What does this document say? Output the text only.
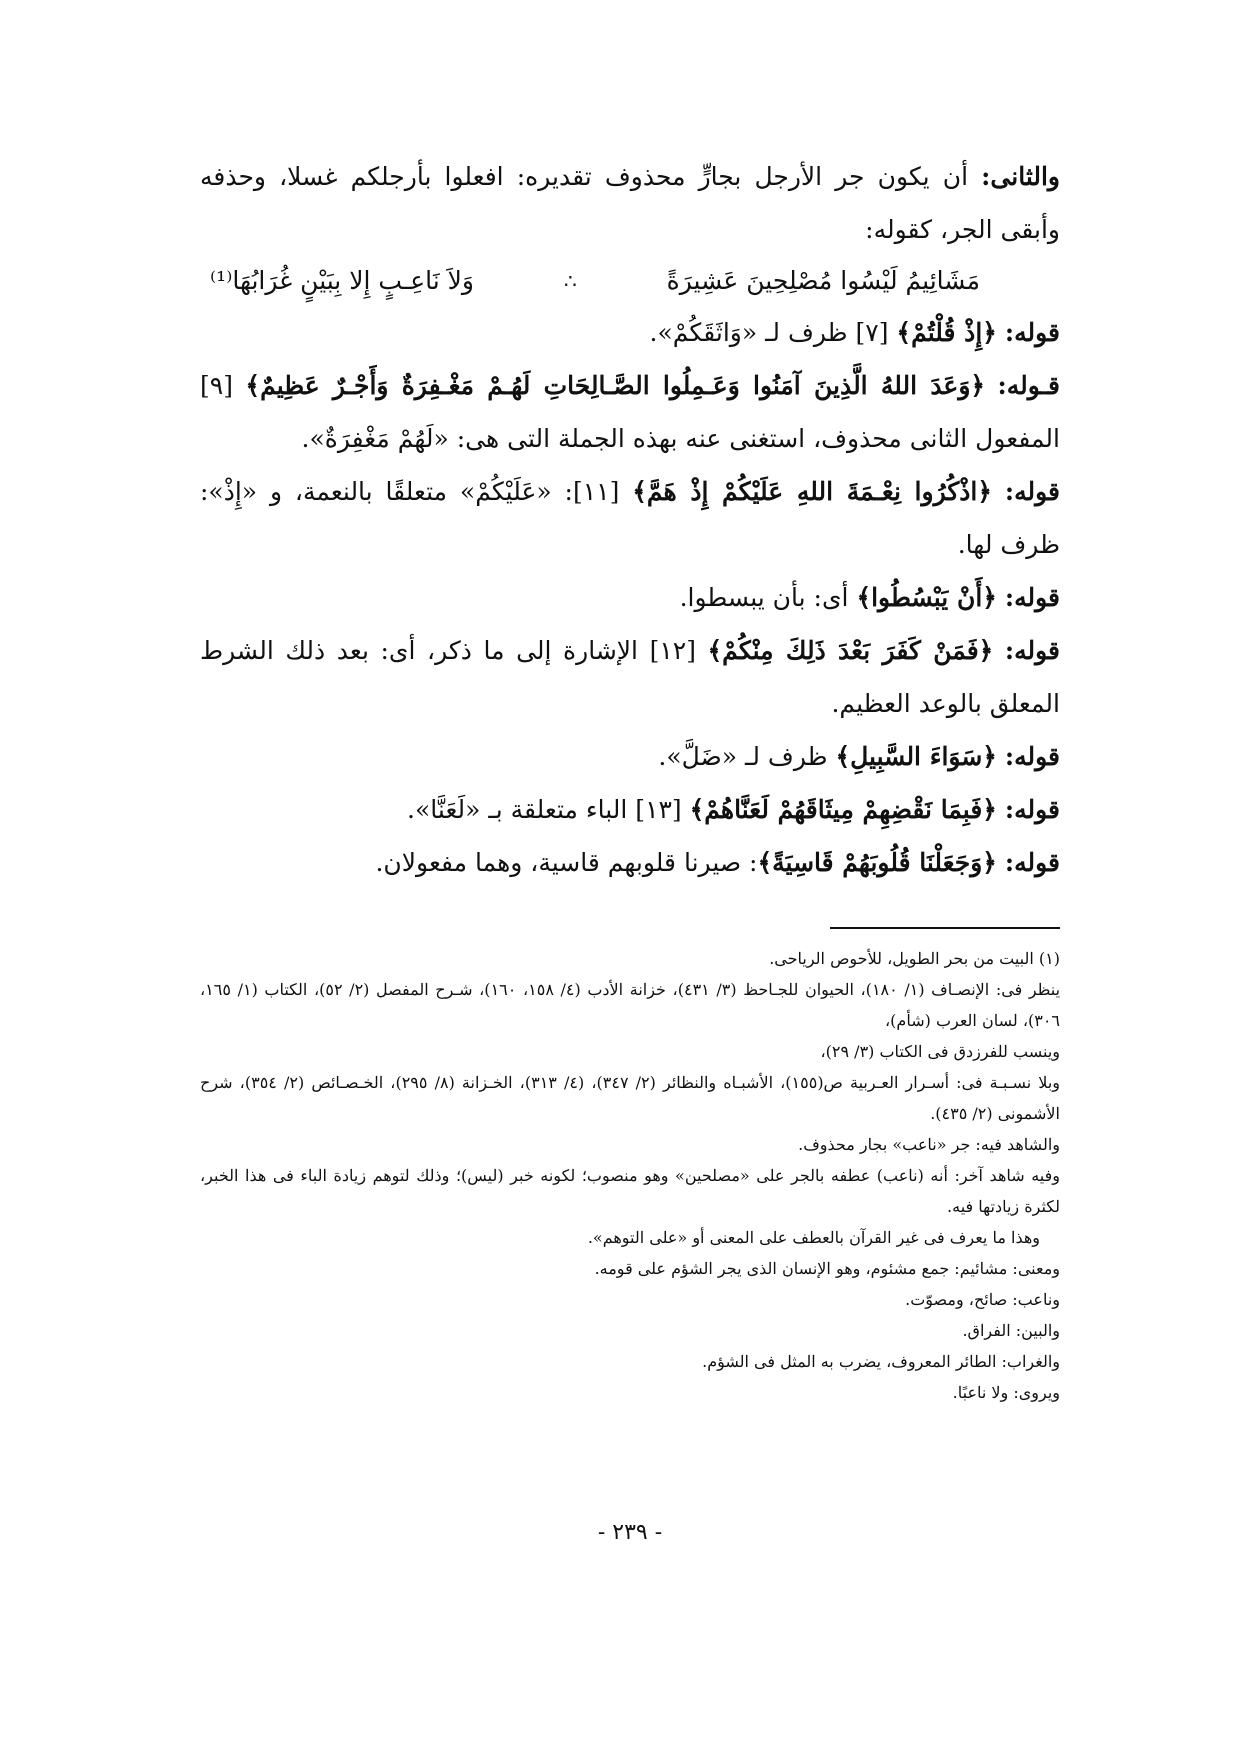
والثانى: أن يكون جر الأرجل بجارٍّ محذوف تقديره: افعلوا بأرجلكم غسلا، وحذفه وأبقى الجر، كقوله:

مَشَائِيمُ لَيْسُوا مُصْلِحِينَ عَشِيرَةً
∴
وَلاَ نَاعِـبٍ إِلا بِبَيْنٍ غُرَابُهَا⁽¹⁾

قوله: ﴿إِذْ قُلْتُمْ﴾ [٧] ظرف لـ «وَاثَقَكُمْ».

قـوله: ﴿وَعَدَ اللهُ الَّذِينَ آمَنُوا وَعَـمِلُوا الصَّـالِحَاتِ لَهُـمْ مَغْـفِرَةٌ وَأَجْـرٌ عَظِيمٌ﴾ [٩] المفعول الثانى محذوف، استغنى عنه بهذه الجملة التى هى: «لَهُمْ مَغْفِرَةٌ».

قوله: ﴿اذْكُرُوا نِعْـمَةَ اللهِ عَلَيْكُمْ إِذْ هَمَّ﴾ [١١]: «عَلَيْكُمْ» متعلقًا بالنعمة، و «إِذْ»: ظرف لها.

قوله: ﴿أَنْ يَبْسُطُوا﴾ أى: بأن يبسطوا.

قوله: ﴿فَمَنْ كَفَرَ بَعْدَ ذَلِكَ مِنْكُمْ﴾ [١٢] الإشارة إلى ما ذكر، أى: بعد ذلك الشرط المعلق بالوعد العظيم.

قوله: ﴿سَوَاءَ السَّبِيلِ﴾ ظرف لـ «ضَلَّ».

قوله: ﴿فَبِمَا نَقْضِهِمْ مِيثَاقَهُمْ لَعَنَّاهُمْ﴾ [١٣] الباء متعلقة بـ «لَعَنَّا».

قوله: ﴿وَجَعَلْنَا قُلُوبَهُمْ قَاسِيَةً﴾: صيرنا قلوبهم قاسية، وهما مفعولان.

(١) البيت من بحر الطويل، للأحوص الرياحى.

ينظر فى: الإنصـاف (١/ ١٨٠)، الحيوان للجـاحظ (٣/ ٤٣١)، خزانة الأدب (٤/ ١٥٨، ١٦٠)، شـرح المفصل (٢/ ٥٢)، الكتاب (١/ ١٦٥، ٣٠٦)، لسان العرب (شأم)،

وينسب للفرزدق فى الكتاب (٣/ ٢٩)،

وبلا نسـبـة فى: أسـرار العـربية ص(١٥٥)، الأشبـاه والنظائر (٢/ ٣٤٧)، (٤/ ٣١٣)، الخـزانة (٨/ ٢٩٥)، الخـصـائص (٢/ ٣٥٤)، شرح الأشمونى (٢/ ٤٣٥).

والشاهد فيه: جر «ناعب» بجار محذوف.

وفيه شاهد آخر: أنه (ناعب) عطفه بالجر على «مصلحين» وهو منصوب؛ لكونه خبر (ليس)؛ وذلك لتوهم زيادة الباء فى هذا الخبر، لكثرة زيادتها فيه.

وهذا ما يعرف فى غير القرآن بالعطف على المعنى أو «على التوهم».

ومعنى: مشائيم: جمع مشئوم، وهو الإنسان الذى يجر الشؤم على قومه.

وناعب: صائح، ومصوّت.

والبين: الفراق.

والغراب: الطائر المعروف، يضرب به المثل فى الشؤم.

ويروى: ولا ناعبًا.

- ٢٣٩ -
